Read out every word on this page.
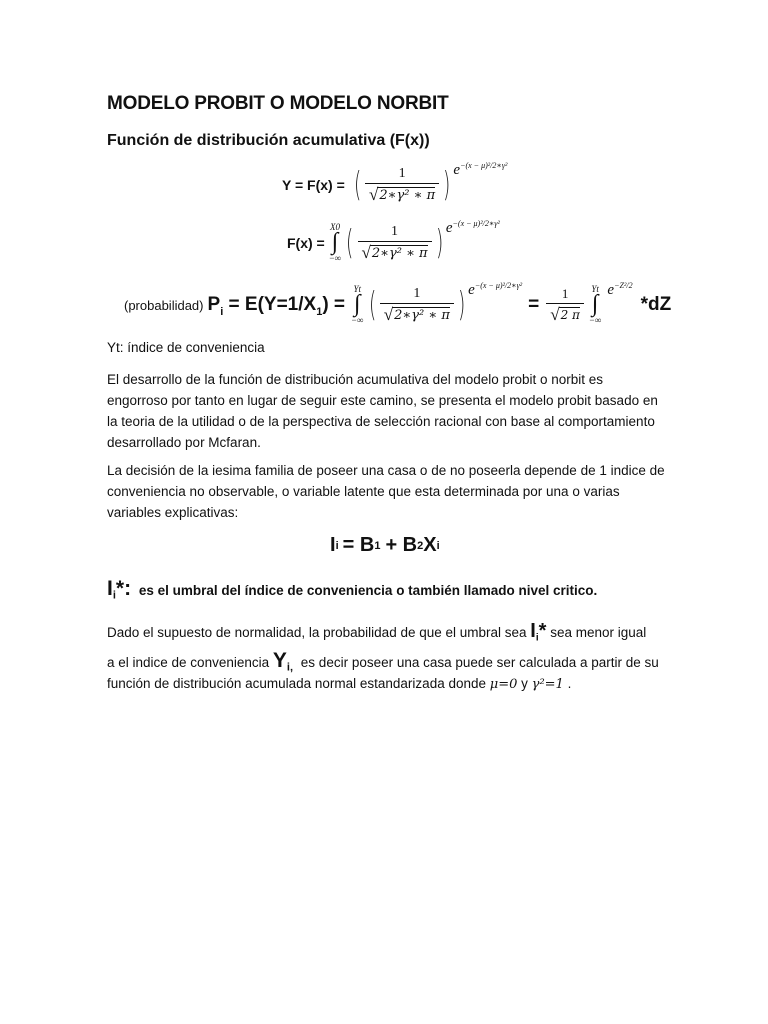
MODELO PROBIT O MODELO NORBIT
Función de distribución acumulativa (F(x))
Y = F(x) = ( $\frac{1}{\text{√ 2∗γ² ∗ π}}$ ) $e^{-(x - \mu)^2/2∗\gamma^2}$
F(x) =
X0
∫
−∞ ( $\frac{1}{\text{√ 2∗γ² ∗ π}}$ ) $e^{-(x - \mu)^2/2∗\gamma^2}$
(probabilidad) $P_i = E(Y=1/X_1)$ =
Yt
∫
−∞ ( $\frac{1}{\text{√ 2∗γ² ∗ π}}$ ) $e^{-(x - \mu)^2/2∗\gamma^2}$
= $\frac{1}{√ 2 \pi}$ Yt
∫
−∞
$e^{-Z^2/2}$
*dZ
Yt: índice de conveniencia
El desarrollo de la función de distribución acumulativa del modelo probit o norbit es engorroso por tanto en lugar de seguir este camino, se presenta el modelo probit basado en la teoria de la utilidad o de la perspectiva de selección racional con base al comportamiento desarrollado por Mcfaran.
La decisión de la iesima familia de poseer una casa o de no poseerla depende de 1 indice de conveniencia no observable, o variable latente que esta determinada por una o varias variables explicativas:
I i = B 1 + B 2 X i
$I_i*$: es el umbral del índice de conveniencia o también llamado nivel critico.
Dado el supuesto de normalidad, la probabilidad de que el umbral sea $I_i*$ sea menor igual
a el indice de conveniencia $Y_{i,}$ es decir poseer una casa puede ser calculada a partir de su
función de distribución acumulada normal estandarizada donde μ=0 y γ²=1 .
